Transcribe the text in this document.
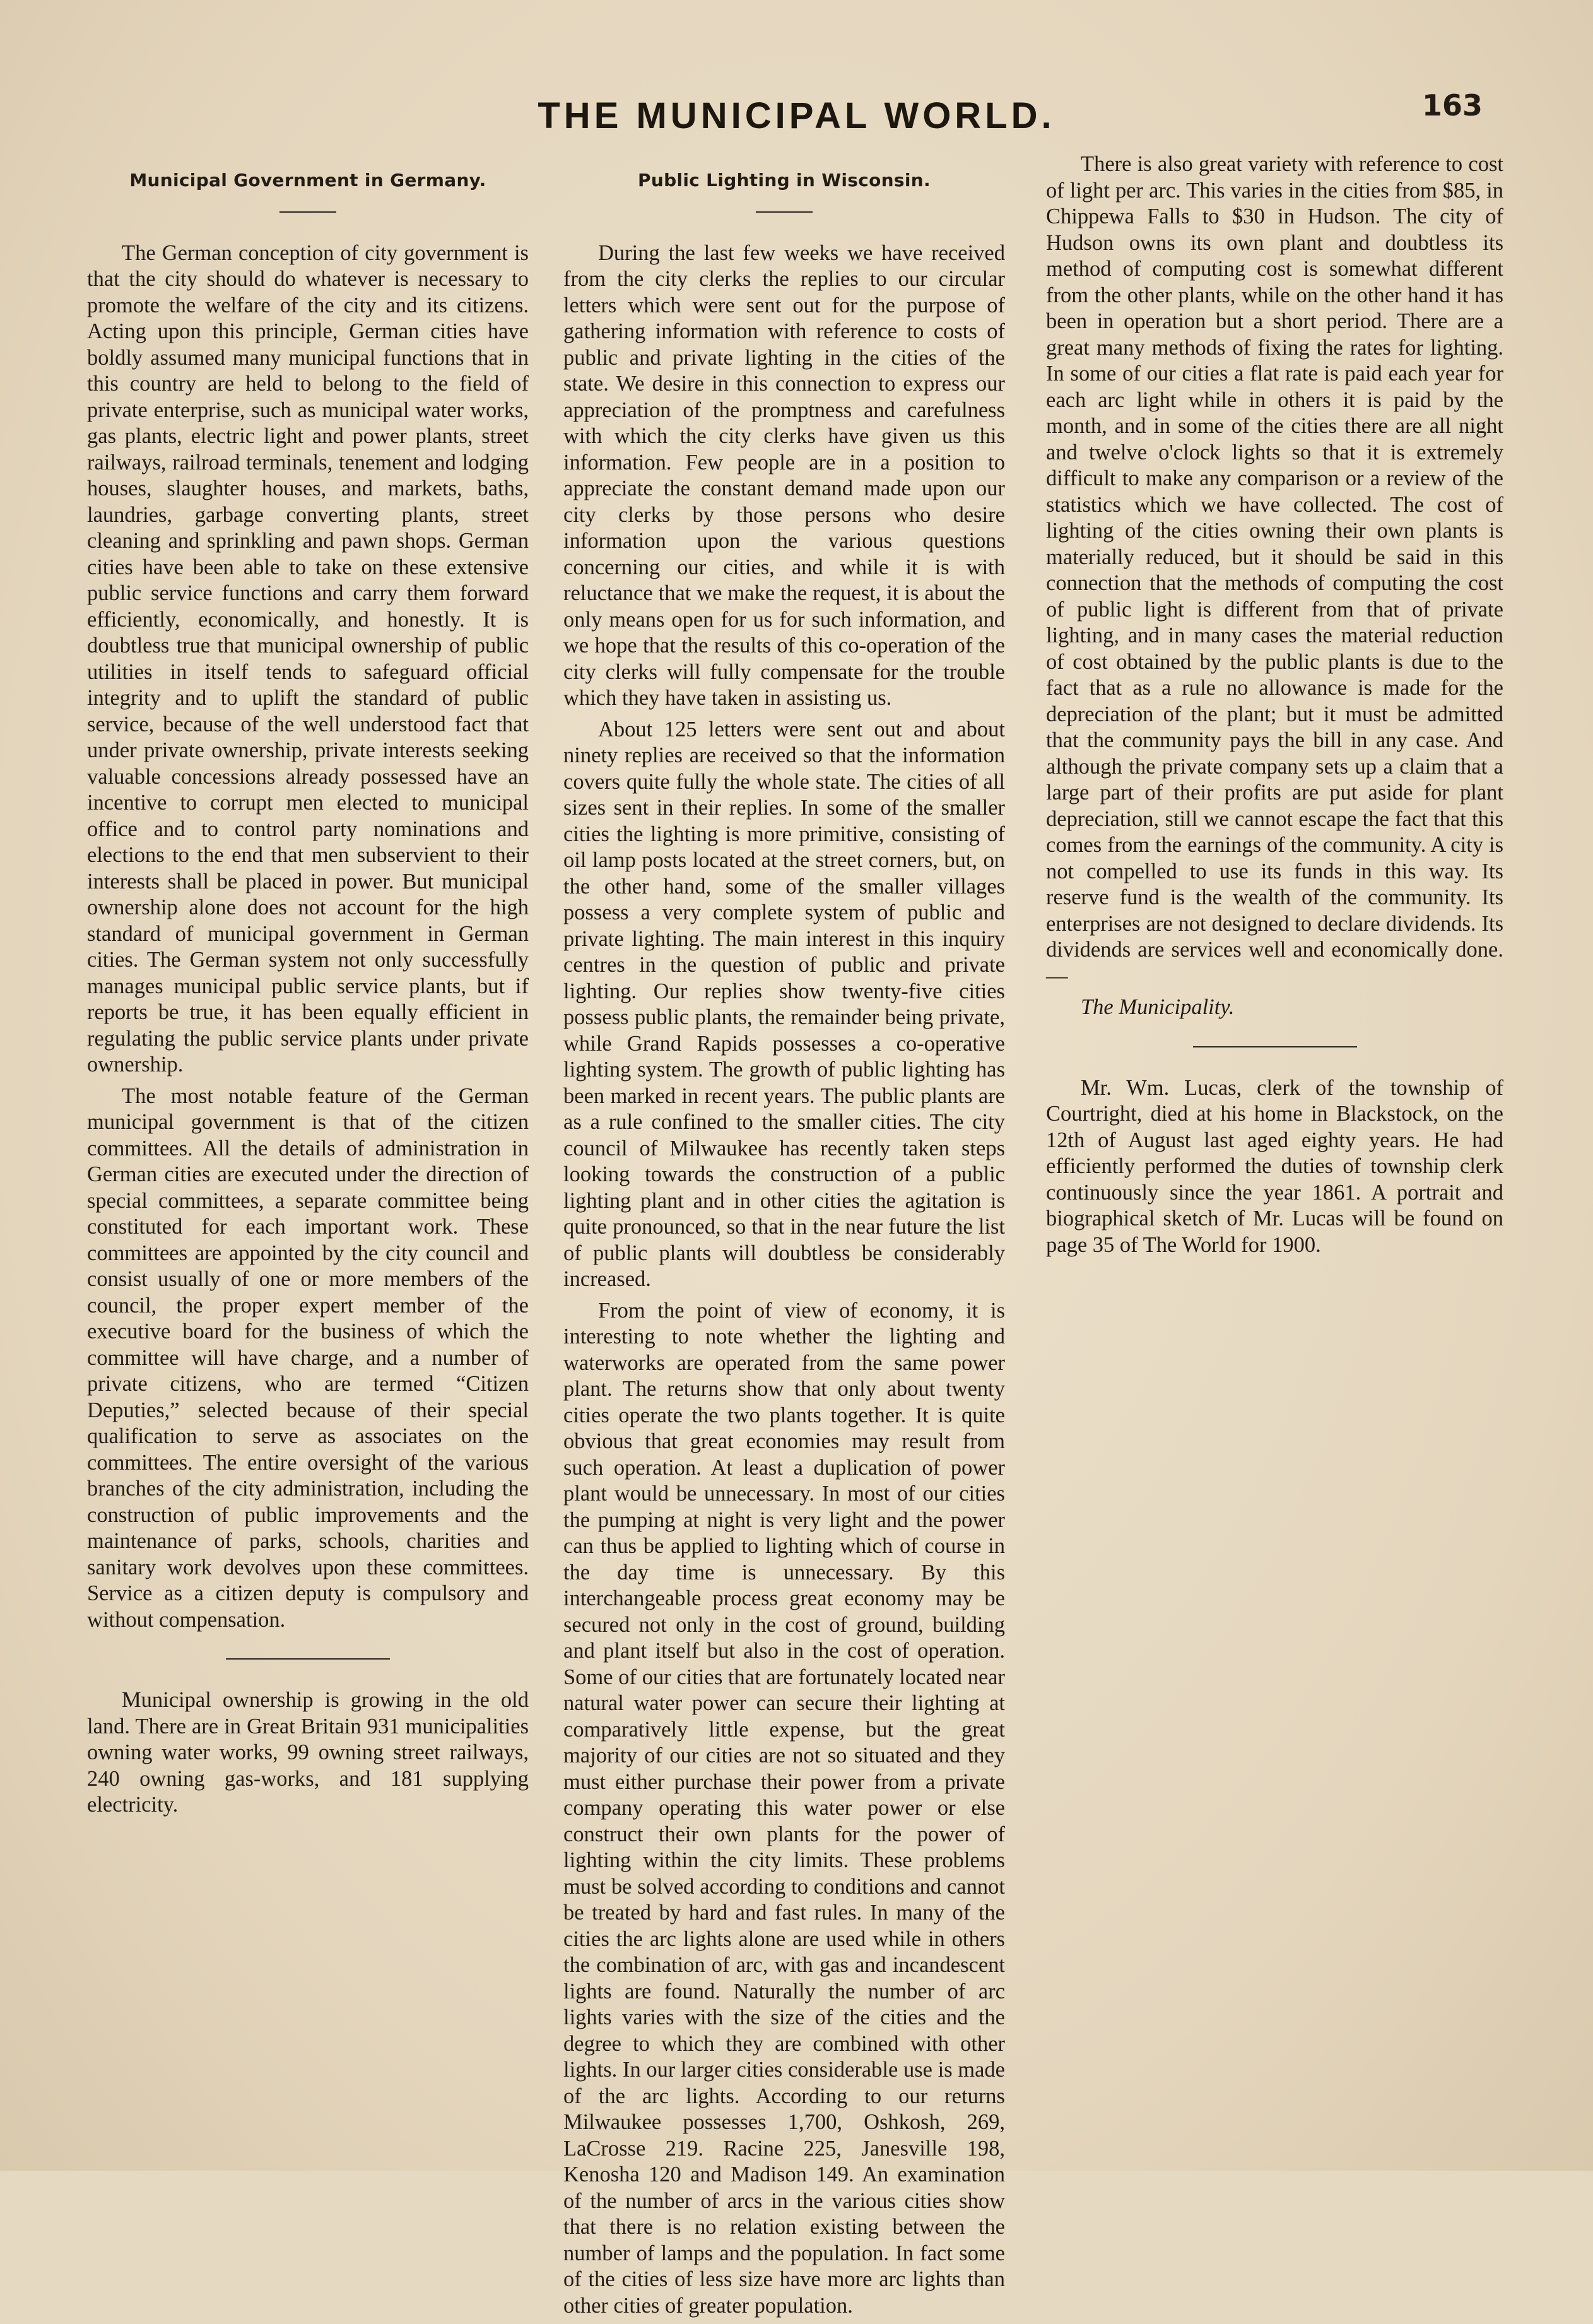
THE MUNICIPAL WORLD.	163
Municipal Government in Germany.

The German conception of city government is that the city should do whatever is necessary to promote the welfare of the city and its citizens. Acting upon this principle, German cities have boldly assumed many municipal functions that in this country are held to belong to the field of private enterprise, such as municipal water works, gas plants, electric light and power plants, street railways, railroad terminals, tenement and lodging houses, slaughter houses, and markets, baths, laundries, garbage converting plants, street cleaning and sprinkling and pawn shops. German cities have been able to take on these extensive public service functions and carry them forward efficiently, economically, and honestly. It is doubtless true that municipal ownership of public utilities in itself tends to safeguard official integrity and to uplift the standard of public service, because of the well understood fact that under private ownership, private interests seeking valuable concessions already possessed have an incentive to corrupt men elected to municipal office and to control party nominations and elections to the end that men subservient to their interests shall be placed in power. But municipal ownership alone does not account for the high standard of municipal government in German cities. The German system not only successfully manages municipal public service plants, but if reports be true, it has been equally efficient in regulating the public service plants under private ownership.

The most notable feature of the German municipal government is that of the citizen committees. All the details of administration in German cities are executed under the direction of special committees, a separate committee being constituted for each important work. These committees are appointed by the city council and consist usually of one or more members of the council, the proper expert member of the executive board for the business of which the committee will have charge, and a number of private citizens, who are termed “Citizen Deputies,” selected because of their special qualification to serve as associates on the committees. The entire oversight of the various branches of the city administration, including the construction of public improvements and the maintenance of parks, schools, charities and sanitary work devolves upon these committees. Service as a citizen deputy is compulsory and without compensation.

Municipal ownership is growing in the old land. There are in Great Britain 931 municipalities owning water works, 99 owning street railways, 240 owning gas-works, and 181 supplying electricity.

Public Lighting in Wisconsin.

During the last few weeks we have received from the city clerks the replies to our circular letters which were sent out for the purpose of gathering information with reference to costs of public and private lighting in the cities of the state. We desire in this connection to express our appreciation of the promptness and carefulness with which the city clerks have given us this information. Few people are in a position to appreciate the constant demand made upon our city clerks by those persons who desire information upon the various questions concerning our cities, and while it is with reluctance that we make the request, it is about the only means open for us for such information, and we hope that the results of this co-operation of the city clerks will fully compensate for the trouble which they have taken in assisting us.

About 125 letters were sent out and about ninety replies are received so that the information covers quite fully the whole state. The cities of all sizes sent in their replies. In some of the smaller cities the lighting is more primitive, consisting of oil lamp posts located at the street corners, but, on the other hand, some of the smaller villages possess a very complete system of public and private lighting. The main interest in this inquiry centres in the question of public and private lighting. Our replies show twenty-five cities possess public plants, the remainder being private, while Grand Rapids possesses a co-operative lighting system. The growth of public lighting has been marked in recent years. The public plants are as a rule confined to the smaller cities. The city council of Milwaukee has recently taken steps looking towards the construction of a public lighting plant and in other cities the agitation is quite pronounced, so that in the near future the list of public plants will doubtless be considerably increased.

From the point of view of economy, it is interesting to note whether the lighting and waterworks are operated from the same power plant. The returns show that only about twenty cities operate the two plants together. It is quite obvious that great economies may result from such operation. At least a duplication of power plant would be unnecessary. In most of our cities the pumping at night is very light and the power can thus be applied to lighting which of course in the day time is unnecessary. By this interchangeable process great economy may be secured not only in the cost of ground, building and plant itself but also in the cost of operation. Some of our cities that are fortunately located near natural water power can secure their lighting at comparatively little expense, but the great majority of our cities are not so situated and they must either purchase their power from a private company operating this water power or else construct their own plants for the power of lighting within the city limits. These problems must be solved according to conditions and cannot be treated by hard and fast rules. In many of the cities the arc lights alone are used while in others the combination of arc, with gas and incandescent lights are found. Naturally the number of arc lights varies with the size of the cities and the degree to which they are combined with other lights. In our larger cities considerable use is made of the arc lights. According to our returns Milwaukee possesses 1,700, Oshkosh, 269, LaCrosse 219. Racine 225, Janesville 198, Kenosha 120 and Madison 149. An examination of the number of arcs in the various cities show that there is no relation existing between the number of lamps and the population. In fact some of the cities of less size have more arc lights than other cities of greater population.

There is also great variety with reference to cost of light per arc. This varies in the cities from $85, in Chippewa Falls to $30 in Hudson. The city of Hudson owns its own plant and doubtless its method of computing cost is somewhat different from the other plants, while on the other hand it has been in operation but a short period. There are a great many methods of fixing the rates for lighting. In some of our cities a flat rate is paid each year for each arc light while in others it is paid by the month, and in some of the cities there are all night and twelve o'clock lights so that it is extremely difficult to make any comparison or a review of the statistics which we have collected. The cost of lighting of the cities owning their own plants is materially reduced, but it should be said in this connection that the methods of computing the cost of public light is different from that of private lighting, and in many cases the material reduction of cost obtained by the public plants is due to the fact that as a rule no allowance is made for the depreciation of the plant; but it must be admitted that the community pays the bill in any case. And although the private company sets up a claim that a large part of their profits are put aside for plant depreciation, still we cannot escape the fact that this comes from the earnings of the community. A city is not compelled to use its funds in this way. Its reserve fund is the wealth of the community. Its enterprises are not designed to declare dividends. Its dividends are services well and economically done.—

The Municipality.

Mr. Wm. Lucas, clerk of the township of Courtright, died at his home in Blackstock, on the 12th of August last aged eighty years. He had efficiently performed the duties of township clerk continuously since the year 1861. A portrait and biographical sketch of Mr. Lucas will be found on page 35 of The World for 1900.
